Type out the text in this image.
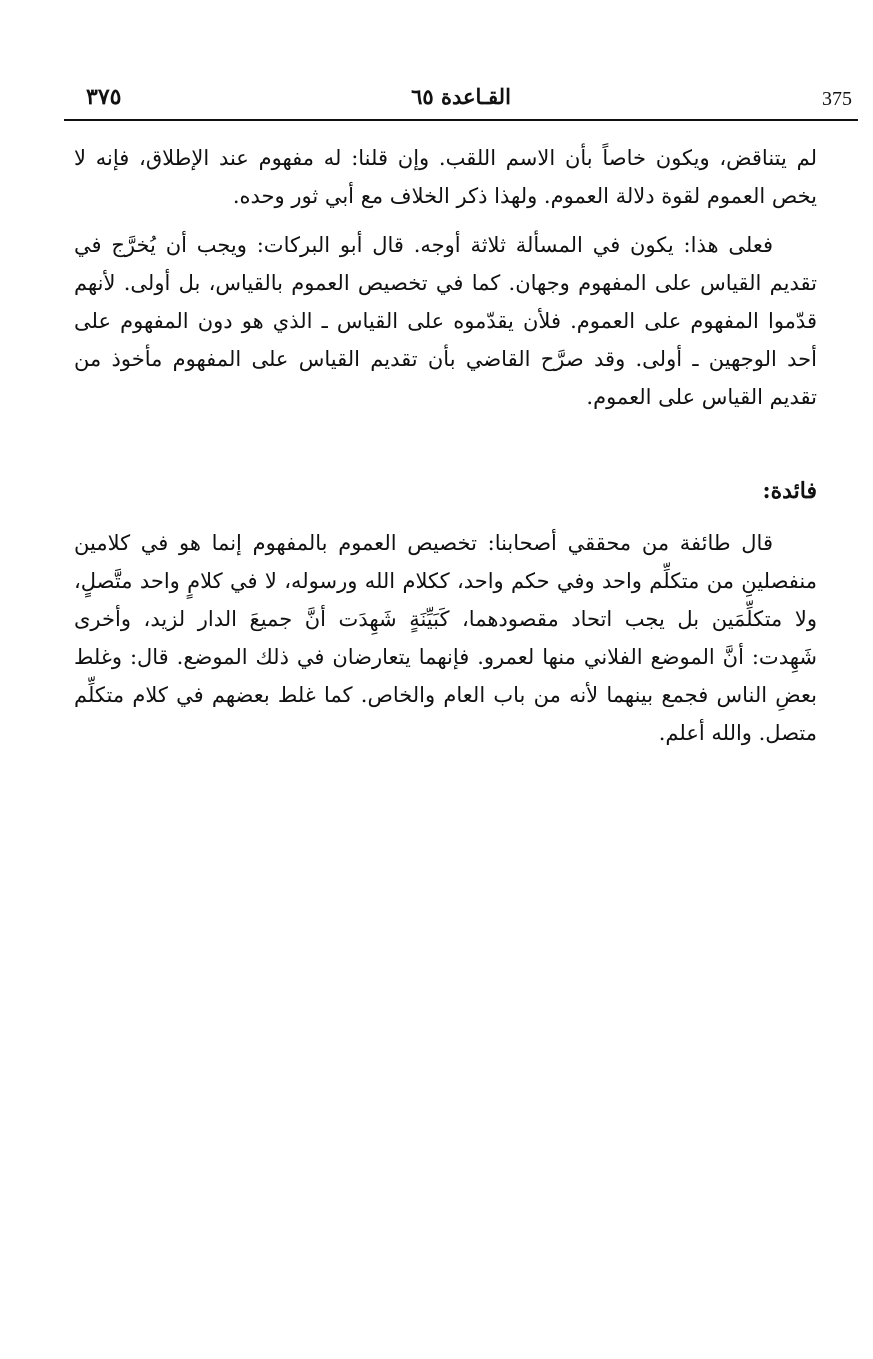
375
القـاعدة ٦٥
٣٧٥

لم يتناقض، ويكون خاصاً بأن الاسم اللقب. وإن قلنا: له مفهوم عند الإطلاق، فإنه لا يخص العموم لقوة دلالة العموم. ولهذا ذكر الخلاف مع أبي ثور وحده.

فعلى هذا: يكون في المسألة ثلاثة أوجه. قال أبو البركات: ويجب أن يُخرَّج في تقديم القياس على المفهوم وجهان. كما في تخصيص العموم بالقياس، بل أولى. لأنهم قدّموا المفهوم على العموم. فلأن يقدّموه على القياس ـ الذي هو دون المفهوم على أحد الوجهين ـ أولى. وقد صرَّح القاضي بأن تقديم القياس على المفهوم مأخوذ من تقديم القياس على العموم.

فائدة:

قال طائفة من محققي أصحابنا: تخصيص العموم بالمفهوم إنما هو في كلامين منفصلينِ من متكلِّم واحد وفي حكم واحد، ككلام الله ورسوله، لا في كلامٍ واحد متَّصلٍ، ولا متكلِّمَين بل يجب اتحاد مقصودهما، كَبَيِّنَةٍ شَهِدَت أنَّ جميعَ الدار لزيد، وأخرى شَهِدت: أنَّ الموضع الفلاني منها لعمرو. فإنهما يتعارضان في ذلك الموضع. قال: وغلط بعضِ الناس فجمع بينهما لأنه من باب العام والخاص. كما غلط بعضهم في كلام متكلِّم متصل. والله أعلم.
